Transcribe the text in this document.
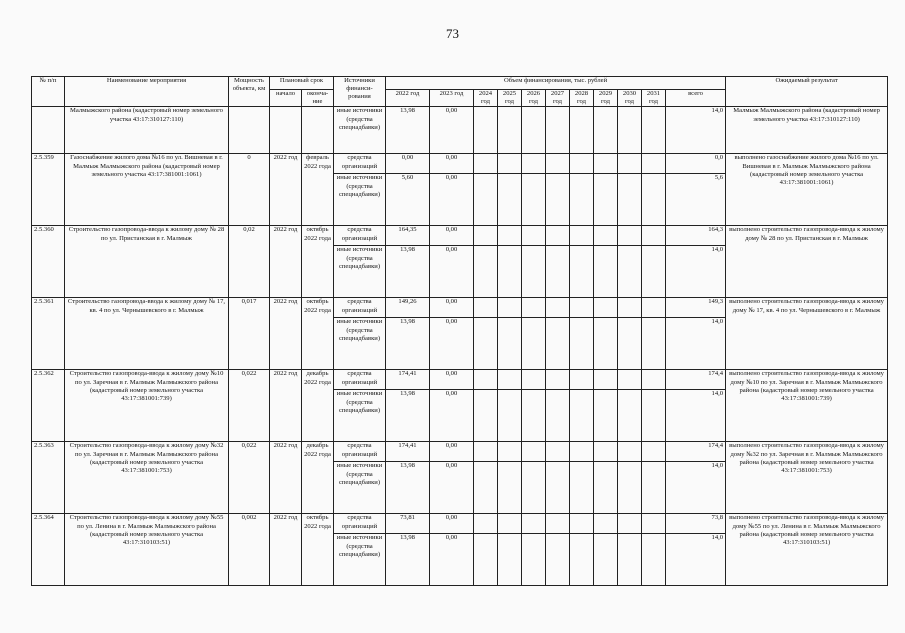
73
№ п/п	Наименование мероприятия	Мощность объекта, км	Плановый срок		Источники финанси-рования	Объем финансирования, тыс. рублей											Ожидаемый результат
			начало	оконча-ние		2022 год	2023 год	2024 год	2025 год	2026 год	2027 год	2028 год	2029 год	2030 год	2031 год	всего	
	Малмыжского района (кадастровый номер земельного участка 43:17:310127:110)				иные источники (средства спецнадбавки)	13,98	0,00									14,0	Малмыж Малмыжского района (кадастровый номер земельного участка 43:17:310127:110)
2.5.359	Газоснабжение жилого дома №16 по ул. Вишневая в г. Малмыж Малмыжского района (кадастровый номер земельного участка 43:17:381001:1061)	0	2022 год	февраль 2022 года	средства организаций	0,00	0,00									0,0	выполнено газоснабжение жилого дома №16 по ул. Вишневая в г. Малмыж Малмыжского района (кадастровый номер земельного участка 43:17:381001:1061)
					иные источники (средства спецнадбавки)	5,60	0,00									5,6	
2.5.360	Строительство газопровода-ввода к жилому дому № 28 по ул. Пристанская в г. Малмыж	0,02	2022 год	октябрь 2022 года	средства организаций	164,35	0,00									164,3	выполнено строительство газопровода-ввода к жилому дому № 28 по ул. Пристанская в г. Малмыж
					иные источники (средства спецнадбавки)	13,98	0,00									14,0	
2.5.361	Строительство газопровода-ввода к жилому дому № 17, кв. 4 по ул. Чернышевского в г. Малмыж	0,017	2022 год	октябрь 2022 года	средства организаций	149,26	0,00									149,3	выполнено строительство газопровода-ввода к жилому дому № 17, кв. 4 по ул. Чернышевского в г. Малмыж
					иные источники (средства спецнадбавки)	13,98	0,00									14,0	
2.5.362	Строительство газопровода-ввода к жилому дому №10 по ул. Заречная в г. Малмыж Малмыжского района (кадастровый номер земельного участка 43:17:381001:739)	0,022	2022 год	декабрь 2022 года	средства организаций	174,41	0,00									174,4	выполнено строительство газопровода-ввода к жилому дому №10 по ул. Заречная в г. Малмыж Малмыжского района (кадастровый номер земельного участка 43:17:381001:739)
					иные источники (средства спецнадбавки)	13,98	0,00									14,0	
2.5.363	Строительство газопровода-ввода к жилому дому №32 по ул. Заречная в г. Малмыж Малмыжского района (кадастровый номер земельного участка 43:17:381001:753)	0,022	2022 год	декабрь 2022 года	средства организаций	174,41	0,00									174,4	выполнено строительство газопровода-ввода к жилому дому №32 по ул. Заречная в г. Малмыж Малмыжского района (кадастровый номер земельного участка 43:17:381001:753)
					иные источники (средства спецнадбавки)	13,98	0,00									14,0	
2.5.364	Строительство газопровода-ввода к жилому дому №55 по ул. Ленина в г. Малмыж Малмыжского района (кадастровый номер земельного участка 43:17:310103:51)	0,002	2022 год	октябрь 2022 года	средства организаций	73,81	0,00									73,8	выполнено строительство газопровода-ввода к жилому дому №55 по ул. Ленина в г. Малмыж Малмыжского района (кадастровый номер земельного участка 43:17:310103:51)
					иные источники (средства спецнадбавки)	13,98	0,00									14,0	
